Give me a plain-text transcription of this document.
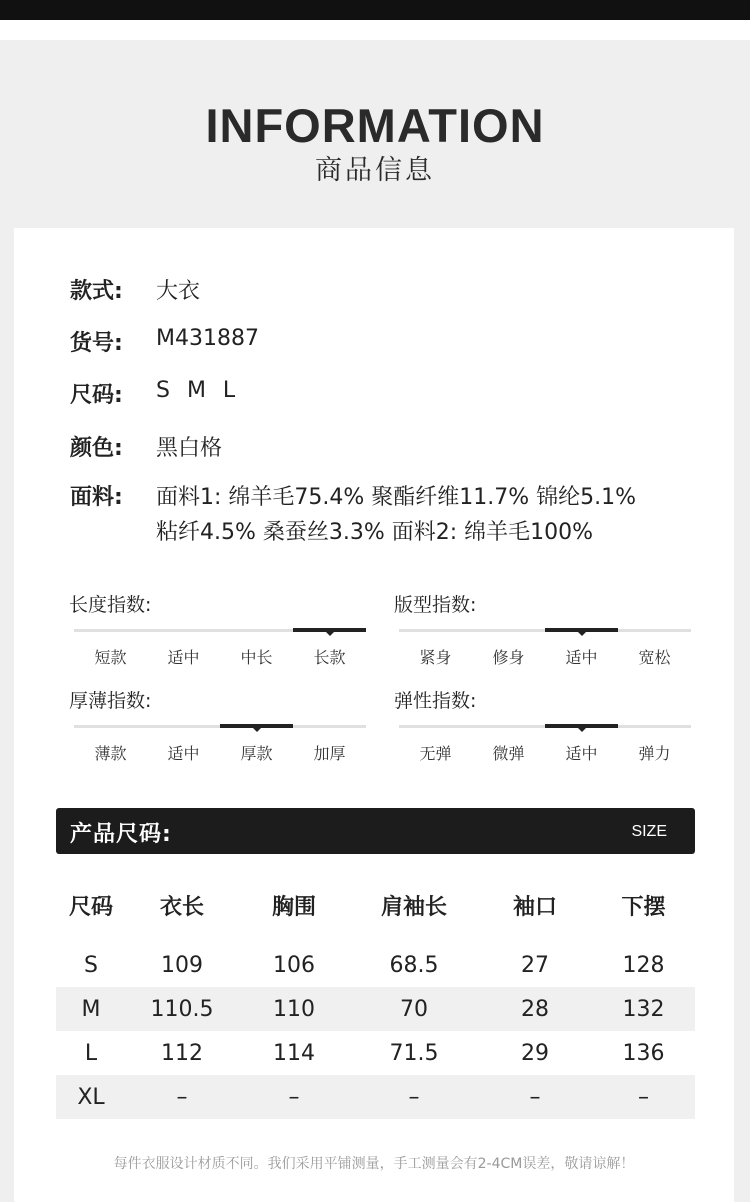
INFORMATION
商品信息
款式: 大衣
货号: M431887
尺码: S M L
颜色: 黑白格
面料: 面料1: 绵羊毛75.4% 聚酯纤维11.7% 锦纶5.1%
粘纤4.5% 桑蚕丝3.3% 面料2: 绵羊毛100%
长度指数:
短款	适中	中长	长款
版型指数:
紧身	修身	适中	宽松
厚薄指数:
薄款	适中	厚款	加厚
弹性指数:
无弹	微弹	适中	弹力
产品尺码:	SIZE
尺码	衣长	胸围	肩袖长	袖口	下摆

S	109	106	68.5	27	128
M	110.5	110	70	28	132
L	112	114	71.5	29	136
XL	–	–	–	–	–
每件衣服设计材质不同。我们采用平铺测量，手工测量会有2-4CM误差，敬请谅解！
